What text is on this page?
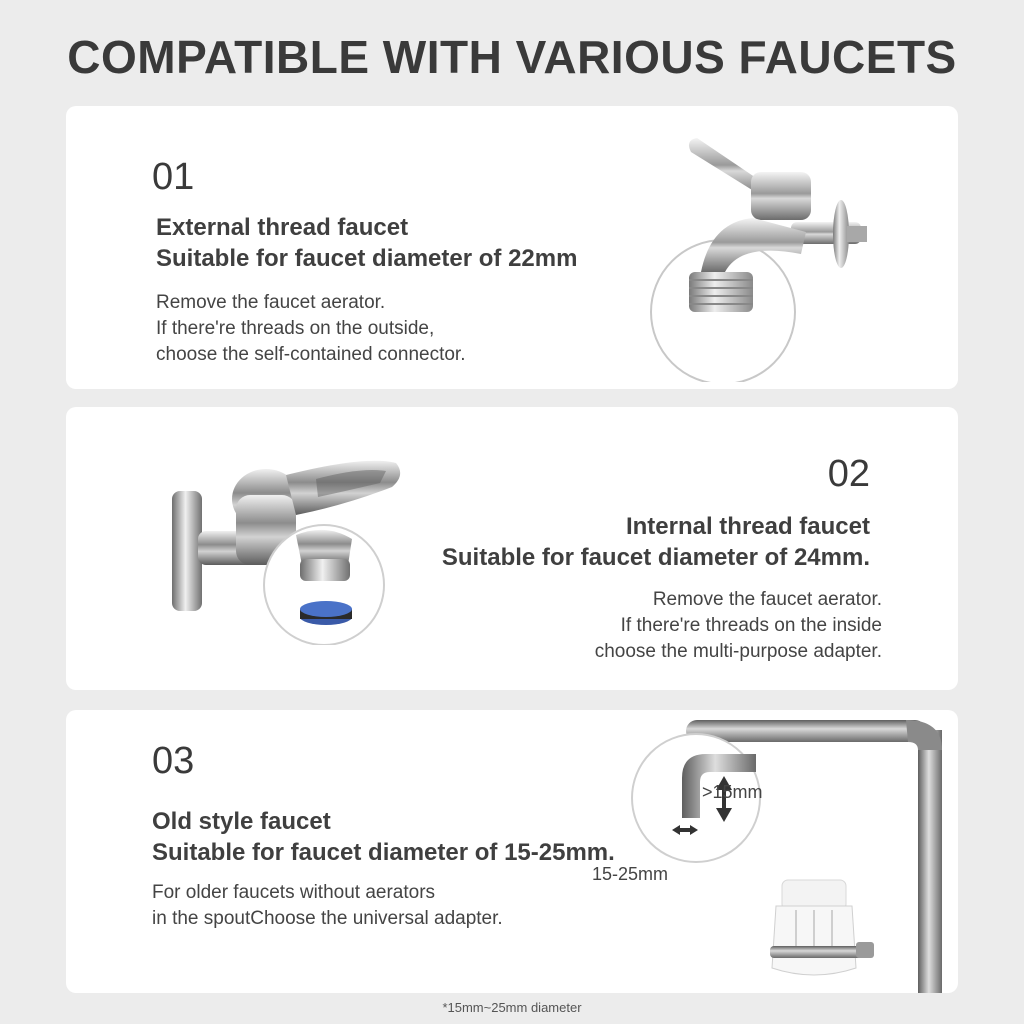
COMPATIBLE WITH VARIOUS FAUCETS
01
External thread faucet
Suitable for faucet diameter of 22mm
Remove the faucet aerator.
If there're threads on the outside,
choose the self-contained connector.
02
Internal thread faucet
Suitable for faucet diameter of 24mm.
Remove the faucet aerator.
If there're threads on the inside
choose the multi-purpose adapter.
03
Old style faucet
Suitable for faucet diameter of 15-25mm.
For older faucets without aerators
in the spoutChoose the universal adapter.
>15mm
15-25mm
*15mm~25mm diameter
